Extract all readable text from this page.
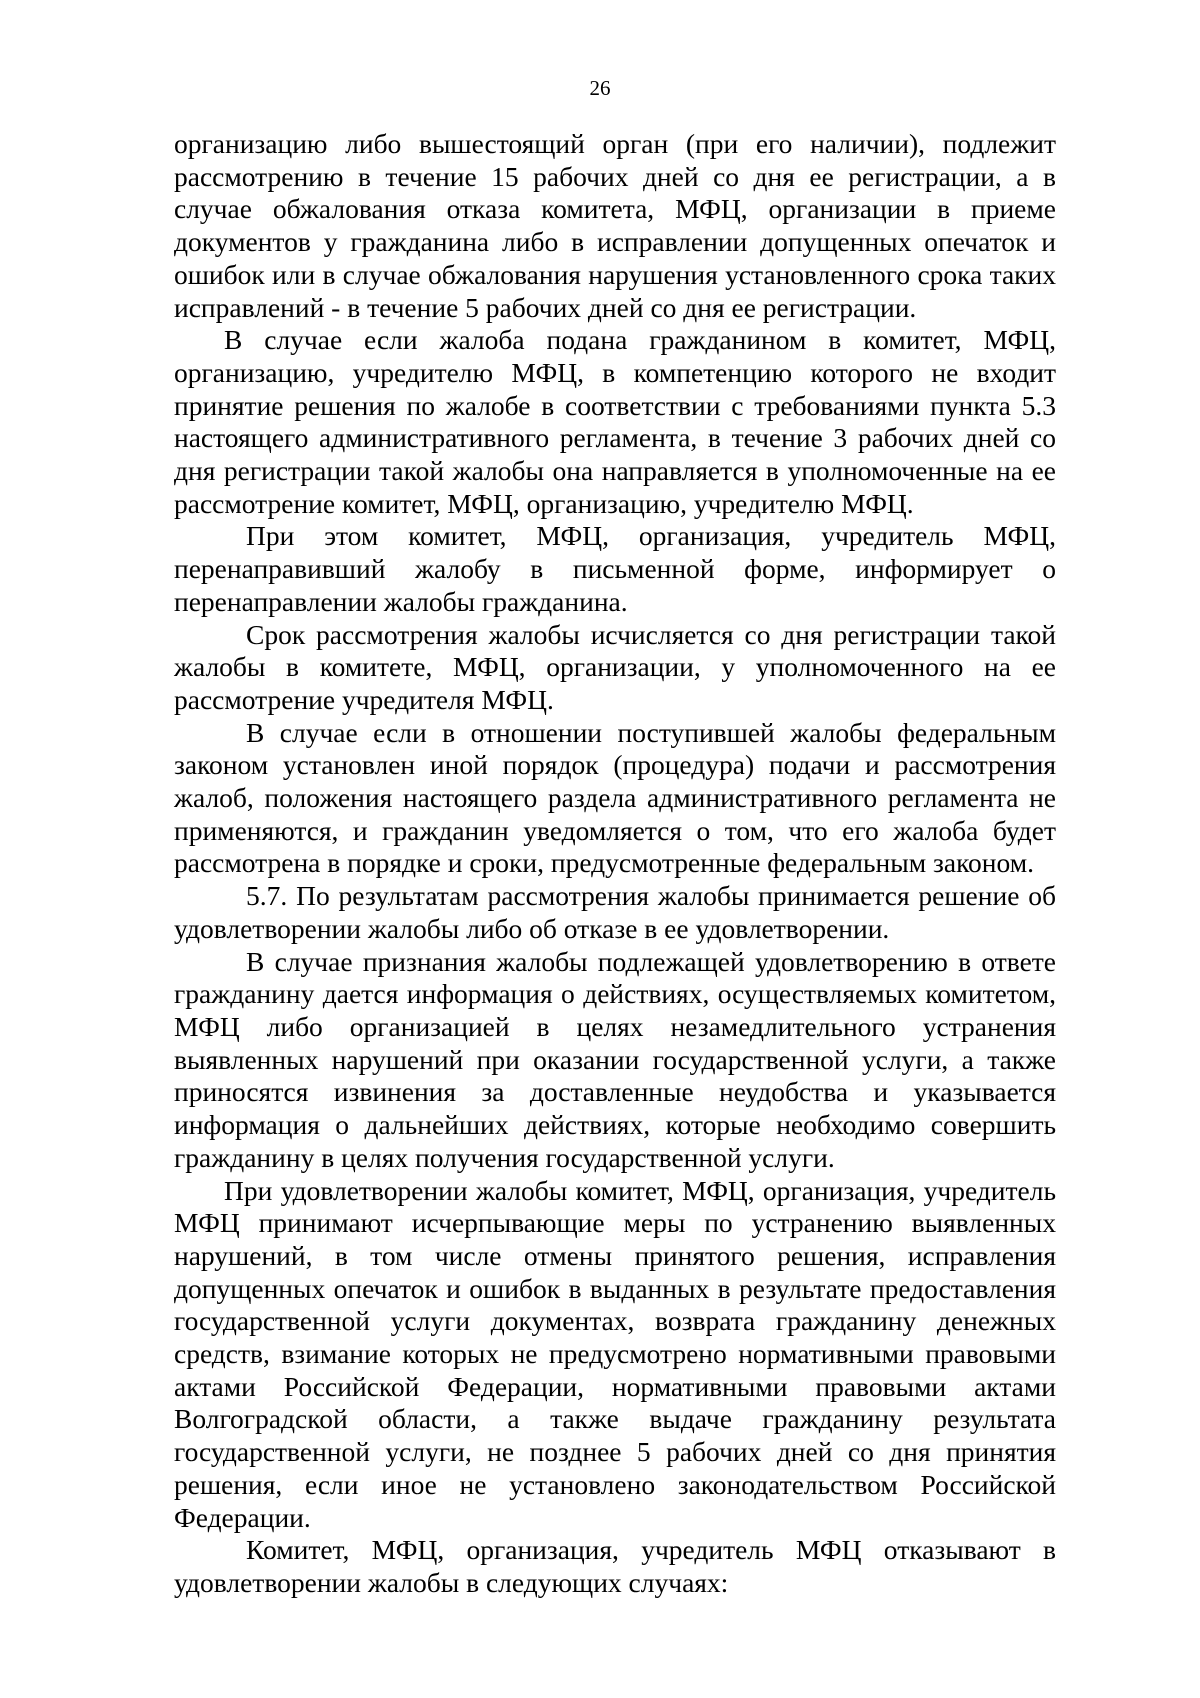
26

организацию либо вышестоящий орган (при его наличии), подлежит рассмотрению в течение 15 рабочих дней со дня ее регистрации, а в случае обжалования отказа комитета, МФЦ, организации в приеме документов у гражданина либо в исправлении допущенных опечаток и ошибок или в случае обжалования нарушения установленного срока таких исправлений - в течение 5 рабочих дней со дня ее регистрации.

В случае если жалоба подана гражданином в комитет, МФЦ, организацию, учредителю МФЦ, в компетенцию которого не входит принятие решения по жалобе в соответствии с требованиями пункта 5.3 настоящего административного регламента, в течение 3 рабочих дней со дня регистрации такой жалобы она направляется в уполномоченные на ее рассмотрение комитет, МФЦ, организацию, учредителю МФЦ.

При этом комитет, МФЦ, организация, учредитель МФЦ, перенаправивший жалобу в письменной форме, информирует о перенаправлении жалобы гражданина.

Срок рассмотрения жалобы исчисляется со дня регистрации такой жалобы в комитете, МФЦ, организации, у уполномоченного на ее рассмотрение учредителя МФЦ.

В случае если в отношении поступившей жалобы федеральным законом установлен иной порядок (процедура) подачи и рассмотрения жалоб, положения настоящего раздела административного регламента не применяются, и гражданин уведомляется о том, что его жалоба будет рассмотрена в порядке и сроки, предусмотренные федеральным законом.

5.7. По результатам рассмотрения жалобы принимается решение об удовлетворении жалобы либо об отказе в ее удовлетворении.

В случае признания жалобы подлежащей удовлетворению в ответе гражданину дается информация о действиях, осуществляемых комитетом, МФЦ либо организацией в целях незамедлительного устранения выявленных нарушений при оказании государственной услуги, а также приносятся извинения за доставленные неудобства и указывается информация о дальнейших действиях, которые необходимо совершить гражданину в целях получения государственной услуги.

При удовлетворении жалобы комитет, МФЦ, организация, учредитель МФЦ принимают исчерпывающие меры по устранению выявленных нарушений, в том числе отмены принятого решения, исправления допущенных опечаток и ошибок в выданных в результате предоставления государственной услуги документах, возврата гражданину денежных средств, взимание которых не предусмотрено нормативными правовыми актами Российской Федерации, нормативными правовыми актами Волгоградской области, а также выдаче гражданину результата государственной услуги, не позднее 5 рабочих дней со дня принятия решения, если иное не установлено законодательством Российской Федерации.

Комитет, МФЦ, организация, учредитель МФЦ отказывают в удовлетворении жалобы в следующих случаях:
